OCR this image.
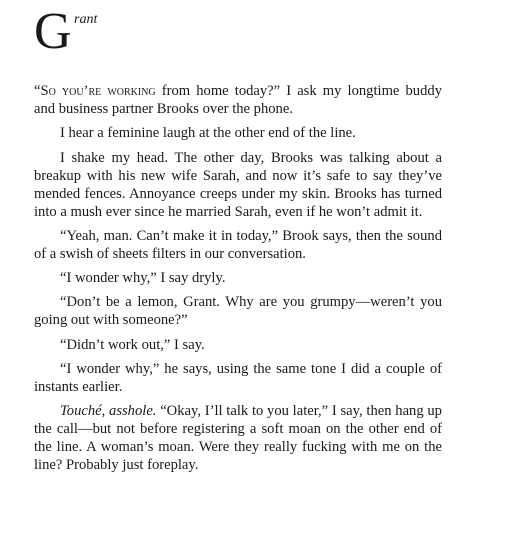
G rant

“So you’re working from home today?” I ask my longtime buddy and business partner Brooks over the phone.

I hear a feminine laugh at the other end of the line.

I shake my head. The other day, Brooks was talking about a breakup with his new wife Sarah, and now it’s safe to say they’ve mended fences. Annoyance creeps under my skin. Brooks has turned into a mush ever since he married Sarah, even if he won’t admit it.

“Yeah, man. Can’t make it in today,” Brook says, then the sound of a swish of sheets filters in our conversation.

“I wonder why,” I say dryly.

“Don’t be a lemon, Grant. Why are you grumpy—weren’t you going out with someone?”

“Didn’t work out,” I say.

“I wonder why,” he says, using the same tone I did a couple of instants earlier.

Touché, asshole. “Okay, I’ll talk to you later,” I say, then hang up the call—but not before registering a soft moan on the other end of the line. A woman’s moan. Were they really fucking with me on the line? Probably just foreplay.
